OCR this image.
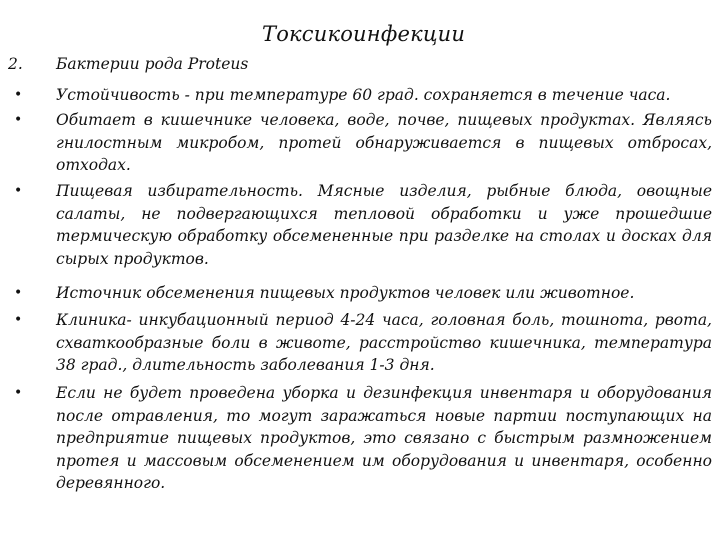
Токсикоинфекции
2.	Бактерии рода Proteus
•	Устойчивость - при температуре 60 град. сохраняется в течение часа.
•	Обитает в кишечнике человека, воде, почве, пищевых продуктах. Являясь гнилостным микробом, протей обнаруживается в пищевых отбросах, отходах.
•	Пищевая избирательность. Мясные изделия, рыбные блюда, овощные салаты, не подвергающихся тепловой обработки и уже прошедшие термическую обработку обсемененные при разделке на столах и досках для сырых продуктов.
•	Источник обсеменения пищевых продуктов человек или животное.
•	Клиника- инкубационный период 4-24 часа, головная боль, тошнота, рвота, схваткообразные боли в животе, расстройство кишечника, температура 38 град., длительность заболевания 1-3 дня.
•	Если не будет проведена уборка и дезинфекция инвентаря и оборудования после отравления, то могут заражаться новые партии поступающих на предприятие пищевых продуктов, это связано с быстрым размножением протея и массовым обсеменением им оборудования и инвентаря, особенно деревянного.
